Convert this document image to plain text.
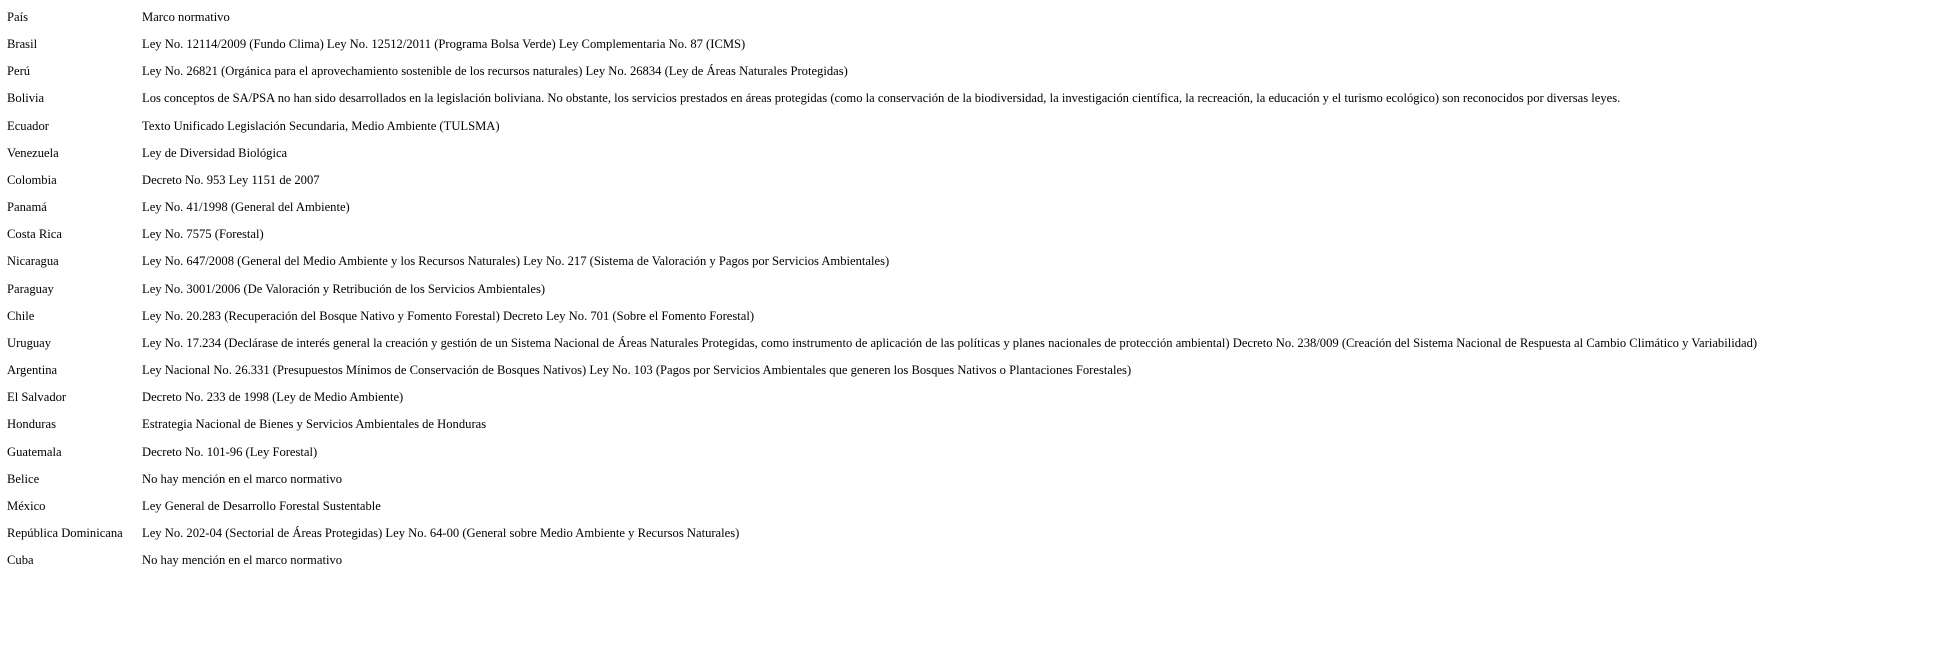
País	Marco normativo
Brasil	Ley No. 12114/2009 (Fundo Clima) Ley No. 12512/2011 (Programa Bolsa Verde) Ley Complementaria No. 87 (ICMS)
Perú	Ley No. 26821 (Orgánica para el aprovechamiento sostenible de los recursos naturales) Ley No. 26834 (Ley de Áreas Naturales Protegidas)
Bolivia	Los conceptos de SA/PSA no han sido desarrollados en la legislación boliviana. No obstante, los servicios prestados en áreas protegidas (como la conservación de la biodiversidad, la investigación científica, la recreación, la educación y el turismo ecológico) son reconocidos por diversas leyes.
Ecuador	Texto Unificado Legislación Secundaria, Medio Ambiente (TULSMA)
Venezuela	Ley de Diversidad Biológica
Colombia	Decreto No. 953 Ley 1151 de 2007
Panamá	Ley No. 41/1998 (General del Ambiente)
Costa Rica	Ley No. 7575 (Forestal)
Nicaragua	Ley No. 647/2008 (General del Medio Ambiente y los Recursos Naturales) Ley No. 217 (Sistema de Valoración y Pagos por Servicios Ambientales)
Paraguay	Ley No. 3001/2006 (De Valoración y Retribución de los Servicios Ambientales)
Chile	Ley No. 20.283 (Recuperación del Bosque Nativo y Fomento Forestal) Decreto Ley No. 701 (Sobre el Fomento Forestal)
Uruguay	Ley No. 17.234 (Declárase de interés general la creación y gestión de un Sistema Nacional de Áreas Naturales Protegidas, como instrumento de aplicación de las políticas y planes nacionales de protección ambiental) Decreto No. 238/009 (Creación del Sistema Nacional de Respuesta al Cambio Climático y Variabilidad)
Argentina	Ley Nacional No. 26.331 (Presupuestos Mínimos de Conservación de Bosques Nativos) Ley No. 103 (Pagos por Servicios Ambientales que generen los Bosques Nativos o Plantaciones Forestales)
El Salvador	Decreto No. 233 de 1998 (Ley de Medio Ambiente)
Honduras	Estrategia Nacional de Bienes y Servicios Ambientales de Honduras
Guatemala	Decreto No. 101-96 (Ley Forestal)
Belice	No hay mención en el marco normativo
México	Ley General de Desarrollo Forestal Sustentable
República Dominicana	Ley No. 202-04 (Sectorial de Áreas Protegidas) Ley No. 64-00 (General sobre Medio Ambiente y Recursos Naturales)
Cuba	No hay mención en el marco normativo
